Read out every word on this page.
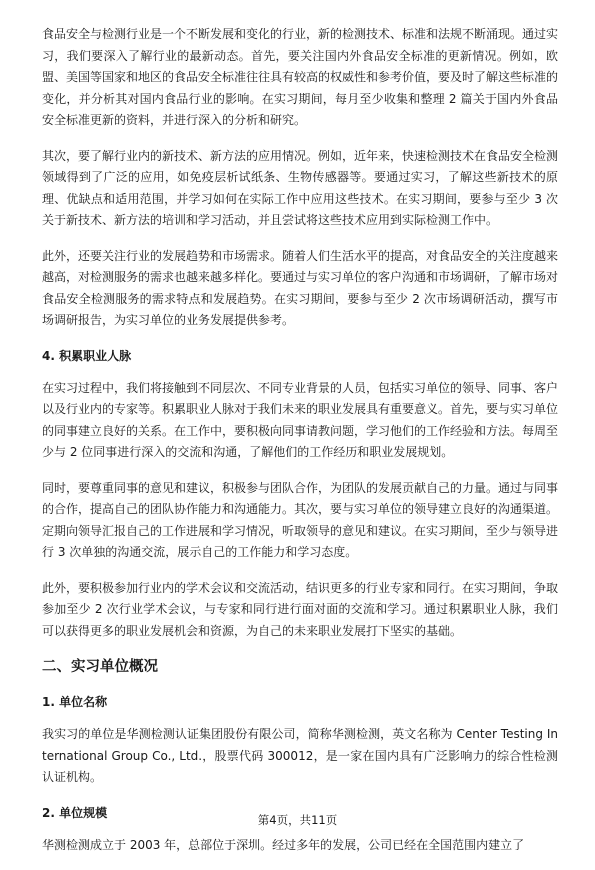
食品安全与检测行业是一个不断发展和变化的行业，新的检测技术、标准和法规不断涌现。通过实习，我们要深入了解行业的最新动态。首先，要关注国内外食品安全标准的更新情况。例如，欧盟、美国等国家和地区的食品安全标准往往具有较高的权威性和参考价值，要及时了解这些标准的变化，并分析其对国内食品行业的影响。在实习期间，每月至少收集和整理 2 篇关于国内外食品安全标准更新的资料，并进行深入的分析和研究。

其次，要了解行业内的新技术、新方法的应用情况。例如，近年来，快速检测技术在食品安全检测领域得到了广泛的应用，如免疫层析试纸条、生物传感器等。要通过实习，了解这些新技术的原理、优缺点和适用范围，并学习如何在实际工作中应用这些技术。在实习期间，要参与至少 3 次关于新技术、新方法的培训和学习活动，并且尝试将这些技术应用到实际检测工作中。

此外，还要关注行业的发展趋势和市场需求。随着人们生活水平的提高，对食品安全的关注度越来越高，对检测服务的需求也越来越多样化。要通过与实习单位的客户沟通和市场调研，了解市场对食品安全检测服务的需求特点和发展趋势。在实习期间，要参与至少 2 次市场调研活动，撰写市场调研报告，为实习单位的业务发展提供参考。

4. 积累职业人脉

在实习过程中，我们将接触到不同层次、不同专业背景的人员，包括实习单位的领导、同事、客户以及行业内的专家等。积累职业人脉对于我们未来的职业发展具有重要意义。首先，要与实习单位的同事建立良好的关系。在工作中，要积极向同事请教问题，学习他们的工作经验和方法。每周至少与 2 位同事进行深入的交流和沟通，了解他们的工作经历和职业发展规划。

同时，要尊重同事的意见和建议，积极参与团队合作，为团队的发展贡献自己的力量。通过与同事的合作，提高自己的团队协作能力和沟通能力。其次，要与实习单位的领导建立良好的沟通渠道。定期向领导汇报自己的工作进展和学习情况，听取领导的意见和建议。在实习期间，至少与领导进行 3 次单独的沟通交流，展示自己的工作能力和学习态度。

此外，要积极参加行业内的学术会议和交流活动，结识更多的行业专家和同行。在实习期间，争取参加至少 2 次行业学术会议，与专家和同行进行面对面的交流和学习。通过积累职业人脉，我们可以获得更多的职业发展机会和资源，为自己的未来职业发展打下坚实的基础。

二、实习单位概况
1. 单位名称

我实习的单位是华测检测认证集团股份有限公司，简称华测检测，英文名称为 Center Testing International Group Co., Ltd.，股票代码 300012，是一家在国内具有广泛影响力的综合性检测认证机构。

2. 单位规模

华测检测成立于 2003 年，总部位于深圳。经过多年的发展，公司已经在全国范围内建立了

第4页，共11页
